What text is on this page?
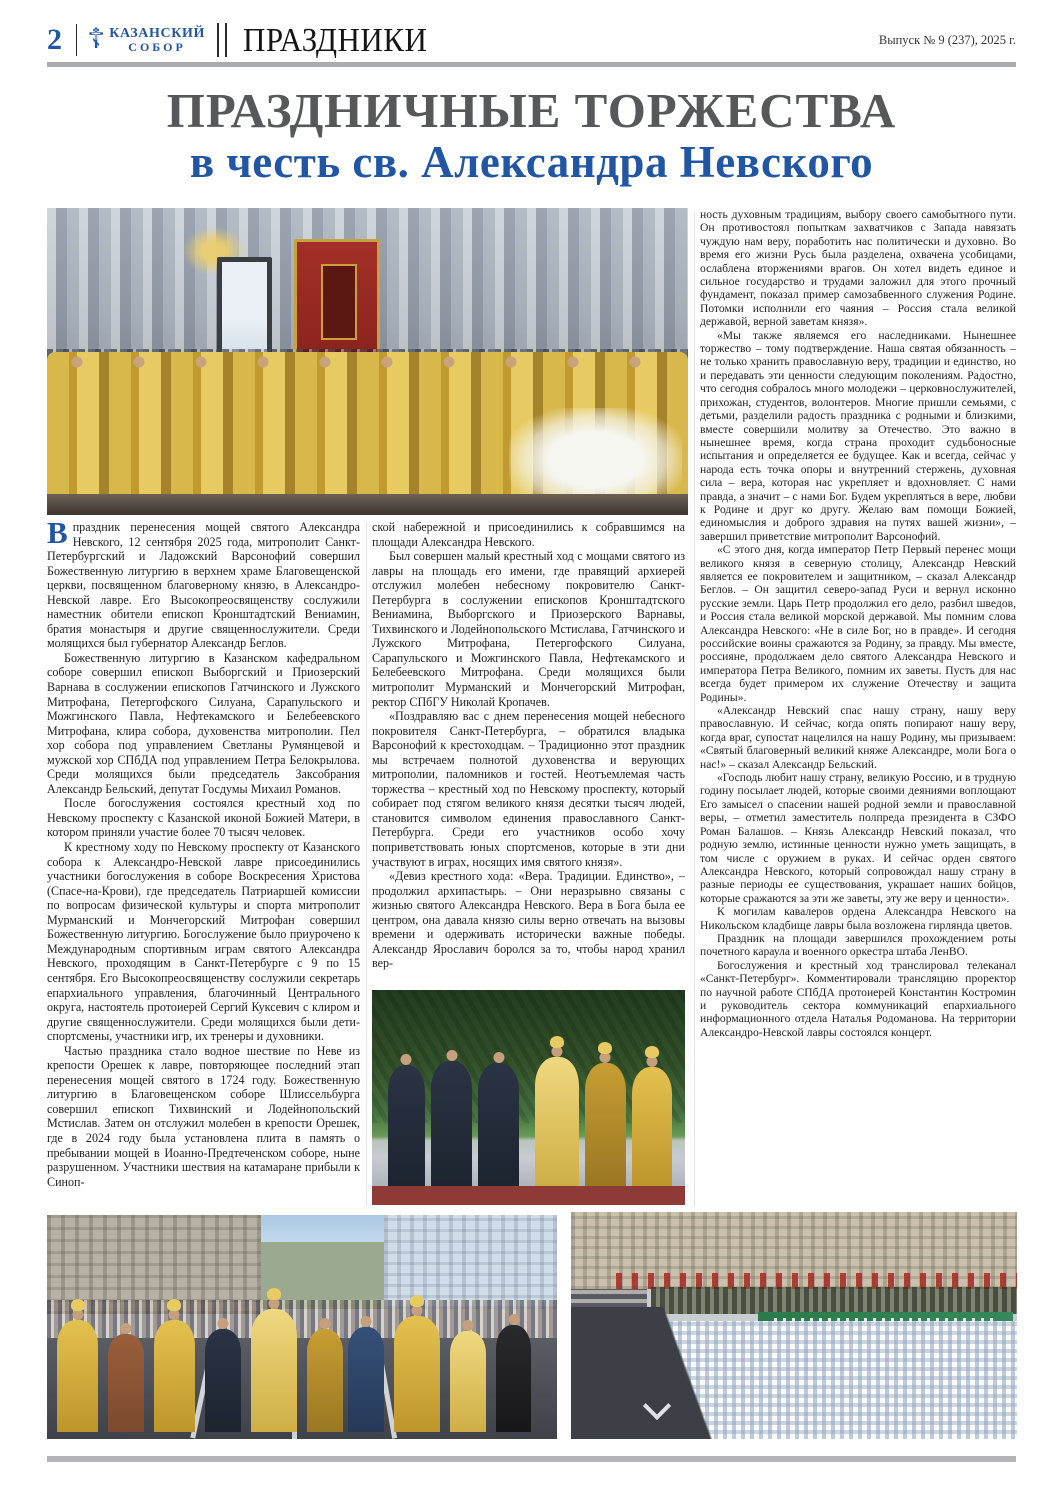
2 ☦ КАЗАНСКИЙ
СОБОР	ПРАЗДНИКИ	Выпуск № 9 (237), 2025 г.
ПРАЗДНИЧНЫЕ ТОРЖЕСТВА
в честь св. Александра Невского

ность духовным традициям, выбору своего самобытного пути. Он противостоял попыткам захватчиков с Запада навязать чуждую нам веру, поработить нас политически и духовно. Во время его жизни Русь была разделена, охвачена усобицами, ослаблена вторжениями врагов. Он хотел видеть единое и сильное государство и трудами заложил для этого прочный фундамент, показал пример самозабвенного служения Родине. Потомки исполнили его чаяния – Россия стала великой державой, верной заветам князя».

«Мы также являемся его наследниками. Нынешнее торжество – тому подтверждение. Наша святая обязанность – не только хранить православную веру, традиции и единство, но и передавать эти ценности следующим поколениям. Радостно, что сегодня собралось много молодежи – церковнослужителей, прихожан, студентов, волонтеров. Многие пришли семьями, с детьми, разделили радость праздника с родными и близкими, вместе совершили молитву за Отечество. Это важно в нынешнее время, когда страна проходит судьбоносные испытания и определяется ее будущее. Как и всегда, сейчас у народа есть точка опоры и внутренний стержень, духовная сила – вера, которая нас укрепляет и вдохновляет. С нами правда, а значит – с нами Бог. Будем укрепляться в вере, любви к Родине и друг ко другу. Желаю вам помощи Божией, единомыслия и доброго здравия на путях вашей жизни», – завершил приветствие митрополит Варсонофий.

«С этого дня, когда император Петр Первый перенес мощи великого князя в северную столицу, Александр Невский является ее покровителем и защитником, – сказал Александр Беглов. – Он защитил северо-запад Руси и вернул исконно русские земли. Царь Петр продолжил его дело, разбил шведов, и Россия стала великой морской державой. Мы помним слова Александра Невского: «Не в силе Бог, но в правде». И сегодня российские воины сражаются за Родину, за правду. Мы вместе, россияне, продолжаем дело святого Александра Невского и императора Петра Великого, помним их заветы. Пусть для нас всегда будет примером их служение Отечеству и защита Родины».

«Александр Невский спас нашу страну, нашу веру православную. И сейчас, когда опять попирают нашу веру, когда враг, супостат нацелился на нашу Родину, мы призываем: «Святый благоверный великий княже Александре, моли Бога о нас!» – сказал Александр Бельский.

«Господь любит нашу страну, великую Россию, и в трудную годину посылает людей, которые своими деяниями воплощают Его замысел о спасении нашей родной земли и православной веры, – отметил заместитель полпреда президента в СЗФО Роман Балашов. – Князь Александр Невский показал, что родную землю, истинные ценности нужно уметь защищать, в том числе с оружием в руках. И сейчас орден святого Александра Невского, который сопровождал нашу страну в разные периоды ее существования, украшает наших бойцов, которые сражаются за эти же заветы, эту же веру и ценности».

К могилам кавалеров ордена Александра Невского на Никольском кладбище лавры была возложена гирлянда цветов.

Праздник на площади завершился прохождением роты почетного караула и военного оркестра штаба ЛенВО.

Богослужения и крестный ход транслировал телеканал «Санкт-Петербург». Комментировали трансляцию проректор по научной работе СПбДА протоиерей Константин Костромин и руководитель сектора коммуникаций епархиального информационного отдела Наталья Родоманова. На территории Александро-Невской лавры состоялся концерт.

Впраздник перенесения мощей святого Александра Невского, 12 сентября 2025 года, митрополит Санкт-Петербургский и Ладожский Варсонофий совершил Божественную литургию в верхнем храме Благовещенской церкви, посвященном благоверному князю, в Александро-Невской лавре. Его Высокопреосвященству сослужили наместник обители епископ Кронштадтский Вениамин, братия монастыря и другие священнослужители. Среди молящихся был губернатор Александр Беглов.

Божественную литургию в Казанском кафедральном соборе совершил епископ Выборгский и Приозерский Варнава в сослужении епископов Гатчинского и Лужского Митрофана, Петергофского Силуана, Сарапульского и Можгинского Павла, Нефтекамского и Белебеевского Митрофана, клира собора, духовенства митрополии. Пел хор собора под управлением Светланы Румянцевой и мужской хор СПбДА под управлением Петра Белокрылова. Среди молящихся были председатель Заксобрания Александр Бельский, депутат Госдумы Михаил Романов.

После богослужения состоялся крестный ход по Невскому проспекту с Казанской иконой Божией Матери, в котором приняли участие более 70 тысяч человек.

К крестному ходу по Невскому проспекту от Казанского собора к Александро-Невской лавре присоединились участники богослужения в соборе Воскресения Христова (Спасе-на-Крови), где председатель Патриаршей комиссии по вопросам физической культуры и спорта митрополит Мурманский и Мончегорский Митрофан совершил Божественную литургию. Богослужение было приурочено к Международным спортивным играм святого Александра Невского, проходящим в Санкт-Петербурге с 9 по 15 сентября. Его Высокопреосвященству сослужили секретарь епархиального управления, благочинный Центрального округа, настоятель протоиерей Сергий Куксевич с клиром и другие священнослужители. Среди молящихся были дети-спортсмены, участники игр, их тренеры и духовники.

Частью праздника стало водное шествие по Неве из крепости Орешек к лавре, повторяющее последний этап перенесения мощей святого в 1724 году. Божественную литургию в Благовещенском соборе Шлиссельбурга совершил епископ Тихвинский и Лодейнопольский Мстислав. Затем он отслужил молебен в крепости Орешек, где в 2024 году была установлена плита в память о пребывании мощей в Иоанно-Предтеченском соборе, ныне разрушенном. Участники шествия на катамаране прибыли к Синоп-

ской набережной и присоединились к собравшимся на площади Александра Невского.

Был совершен малый крестный ход с мощами святого из лавры на площадь его имени, где правящий архиерей отслужил молебен небесному покровителю Санкт-Петербурга в сослужении епископов Кронштадтского Вениамина, Выборгского и Приозерского Варнавы, Тихвинского и Лодейнопольского Мстислава, Гатчинского и Лужского Митрофана, Петергофского Силуана, Сарапульского и Можгинского Павла, Нефтекамского и Белебеевского Митрофана. Среди молящихся были митрополит Мурманский и Мончегорский Митрофан, ректор СПбГУ Николай Кропачев.

«Поздравляю вас с днем перенесения мощей небесного покровителя Санкт-Петербурга, – обратился владыка Варсонофий к крестоходцам. – Традиционно этот праздник мы встречаем полнотой духовенства и верующих митрополии, паломников и гостей. Неотъемлемая часть торжества – крестный ход по Невскому проспекту, который собирает под стягом великого князя десятки тысяч людей, становится символом единения православного Санкт-Петербурга. Среди его участников особо хочу поприветствовать юных спортсменов, которые в эти дни участвуют в играх, носящих имя святого князя».

«Девиз крестного хода: «Вера. Традиции. Единство», – продолжил архипастырь. – Они неразрывно связаны с жизнью святого Александра Невского. Вера в Бога была ее центром, она давала князю силы верно отвечать на вызовы времени и одерживать исторически важные победы. Александр Ярославич боролся за то, чтобы народ хранил вер-
